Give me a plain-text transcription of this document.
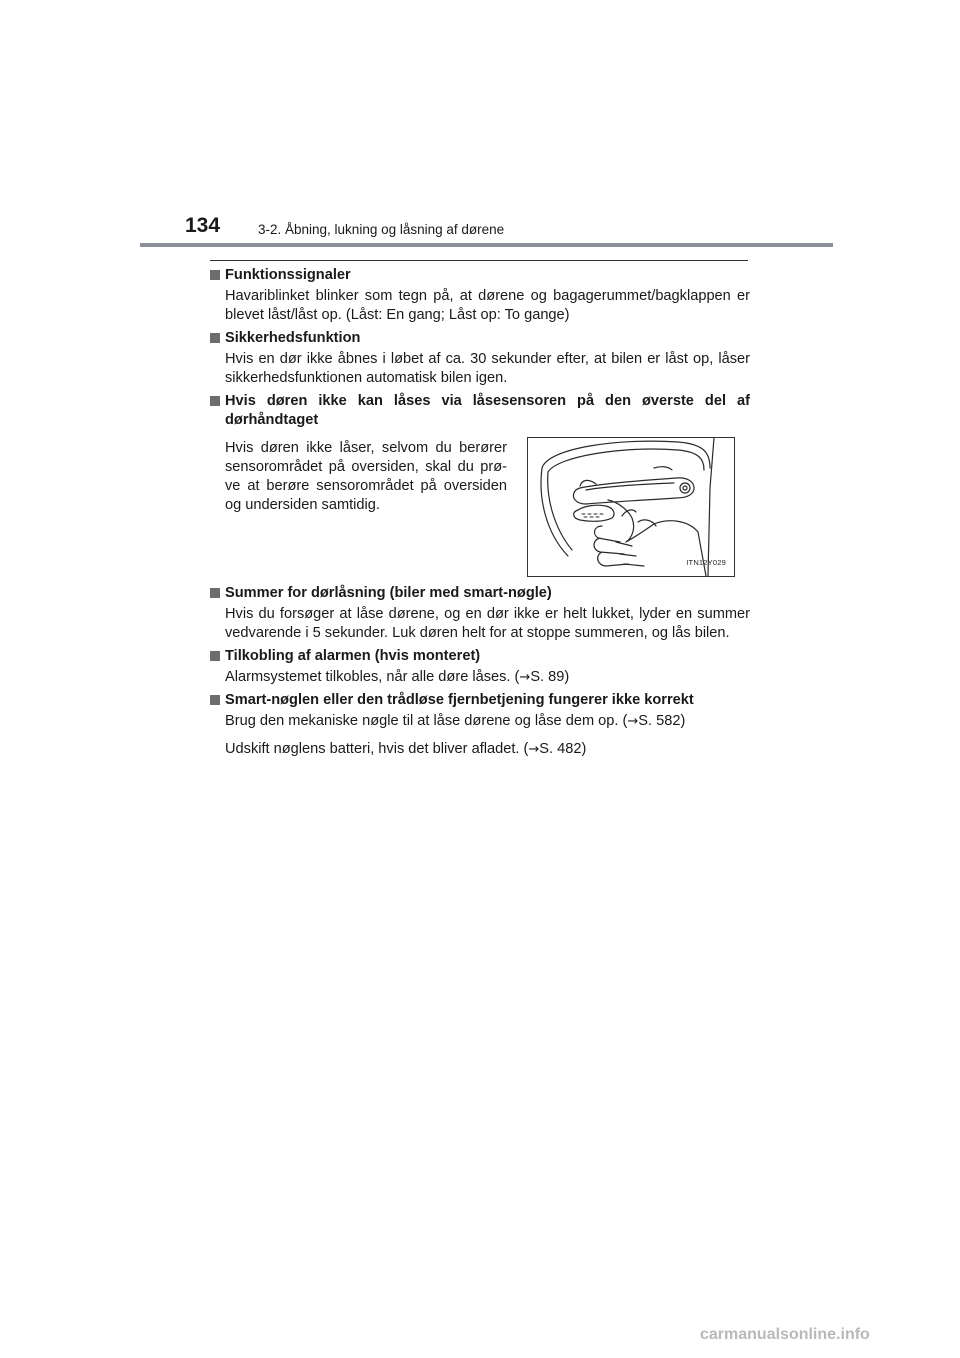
134	3-2. Åbning, lukning og låsning af dørene
Funktionssignaler

Havariblinket blinker som tegn på, at dørene og bagagerummet/bagklappen er blevet låst/låst op. (Låst: En gang; Låst op: To gange)

Sikkerhedsfunktion

Hvis en dør ikke åbnes i løbet af ca. 30 sekunder efter, at bilen er låst op, låser sikkerhedsfunktionen automatisk bilen igen.

Hvis døren ikke kan låses via låsesensoren på den øverste del af
dørhåndtaget

Hvis døren ikke låser, selvom du berører sensorområdet på oversiden, skal du prø-ve at berøre sensorområdet på oversiden og undersiden samtidig.

ITN12Y029
Summer for dørlåsning (biler med smart-nøgle)

Hvis du forsøger at låse dørene, og en dør ikke er helt lukket, lyder en summer vedvarende i 5 sekunder. Luk døren helt for at stoppe summeren, og lås bilen.

Tilkobling af alarmen (hvis monteret)

Alarmsystemet tilkobles, når alle døre låses. (→S. 89)

Smart-nøglen eller den trådløse fjernbetjening fungerer ikke korrekt

Brug den mekaniske nøgle til at låse dørene og låse dem op. (→S. 582)

Udskift nøglens batteri, hvis det bliver afladet. (→S. 482)

carmanualsonline.info
